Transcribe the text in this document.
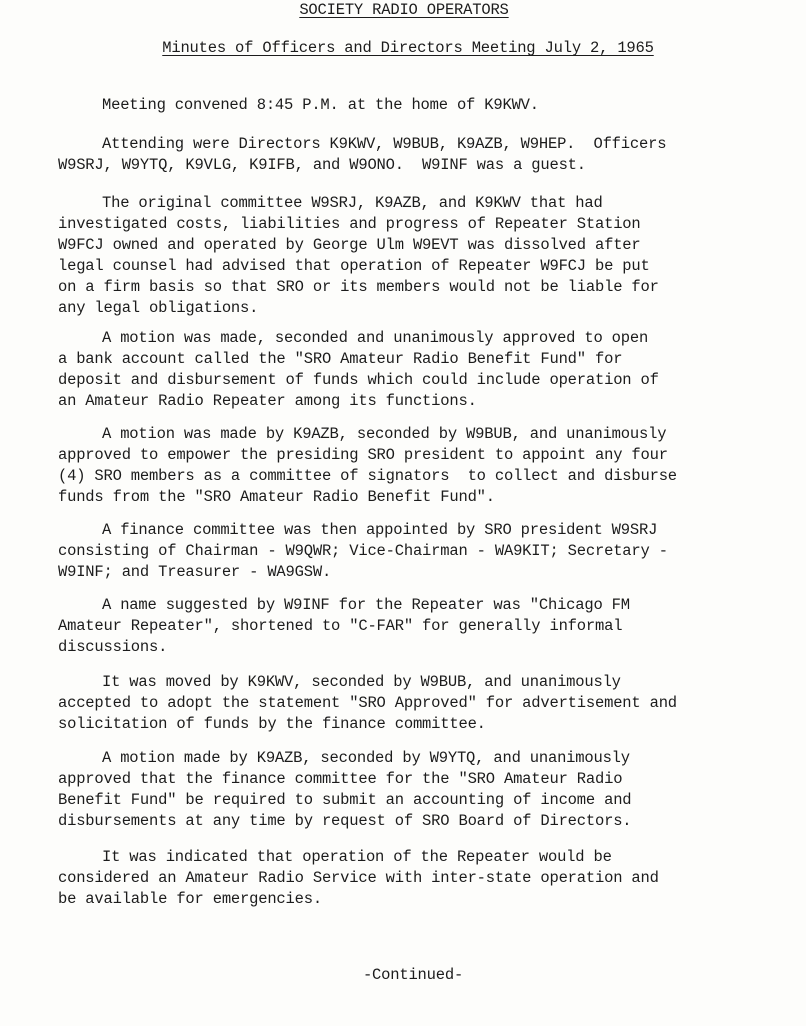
SOCIETY RADIO OPERATORS
Minutes of Officers and Directors Meeting July 2, 1965
Meeting convened 8:45 P.M. at the home of K9KWV.
Attending were Directors K9KWV, W9BUB, K9AZB, W9HEP.  Officers
W9SRJ, W9YTQ, K9VLG, K9IFB, and W9ONO.  W9INF was a guest.
The original committee W9SRJ, K9AZB, and K9KWV that had
investigated costs, liabilities and progress of Repeater Station
W9FCJ owned and operated by George Ulm W9EVT was dissolved after
legal counsel had advised that operation of Repeater W9FCJ be put
on a firm basis so that SRO or its members would not be liable for
any legal obligations.
A motion was made, seconded and unanimously approved to open
a bank account called the "SRO Amateur Radio Benefit Fund" for
deposit and disbursement of funds which could include operation of
an Amateur Radio Repeater among its functions.
A motion was made by K9AZB, seconded by W9BUB, and unanimously
approved to empower the presiding SRO president to appoint any four
(4) SRO members as a committee of signators  to collect and disburse
funds from the "SRO Amateur Radio Benefit Fund".
A finance committee was then appointed by SRO president W9SRJ
consisting of Chairman - W9QWR; Vice-Chairman - WA9KIT; Secretary -
W9INF; and Treasurer - WA9GSW.
A name suggested by W9INF for the Repeater was "Chicago FM
Amateur Repeater", shortened to "C-FAR" for generally informal
discussions.
It was moved by K9KWV, seconded by W9BUB, and unanimously
accepted to adopt the statement "SRO Approved" for advertisement and
solicitation of funds by the finance committee.
A motion made by K9AZB, seconded by W9YTQ, and unanimously
approved that the finance committee for the "SRO Amateur Radio
Benefit Fund" be required to submit an accounting of income and
disbursements at any time by request of SRO Board of Directors.
It was indicated that operation of the Repeater would be
considered an Amateur Radio Service with inter-state operation and
be available for emergencies.
-Continued-
